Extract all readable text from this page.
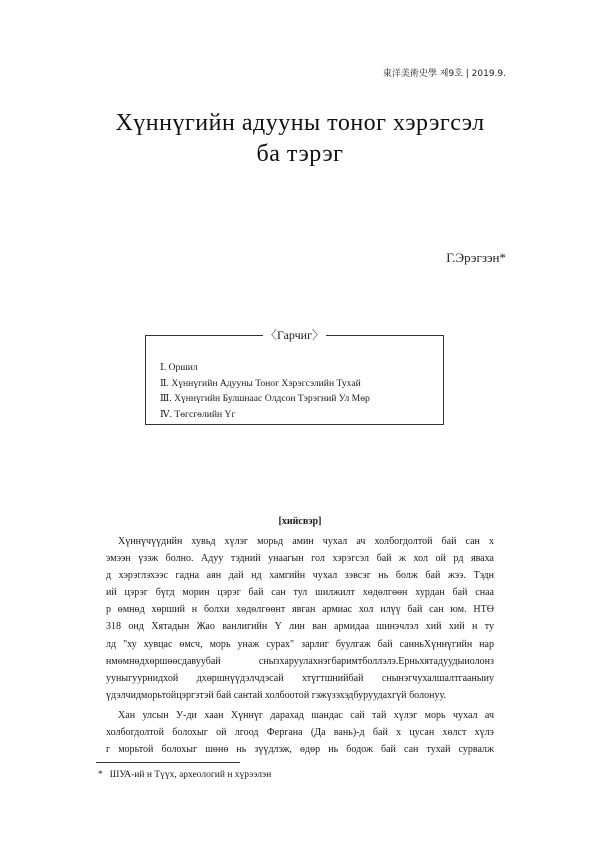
東洋美術史學 제9호 | 2019.9.
Хүннүгийн адууны тоног хэрэгсэл
ба тэрэг
Г.Эрэгзэн*
〈Гарчиг〉
Ⅰ. Оршил
Ⅱ. Хүннүгийн Адууны Тоног Хэрэгсэлийн Тухай
Ⅲ. Хүннүгийн Булшнаас Олдсон Тэрэгний Ул Мөр
Ⅳ. Төгсгөлийн Үг
[хийсвэр]
Хүннүчүүдийн хувьд хүлэг морьд амин чухал ач холбогдолтой бай сан х
эмээн үзэж болно. Адуу тэдний унаагын гол хэрэгсэл бай ж хол ой рд яваха
д хэрэглэхээс гадна аян дай нд хамгийн чухал зэвсэг нь болж бай жээ. Тэдн
ий цэрэг бүгд морин цэрэг бай сан тул шилжилт хөдөлгөөн хурдан бай снаа
р өмнөд хөрший н болхи хөдөлгөөнт явган армиас хол илүү бай сан юм. НТӨ
318 онд Хятадын Жао ванлигийн Ү лин ван армидаа шинэчлэл хий хий н ту
лд "ху хувцас өмсч, морь унаж сурах" зарлиг буулгаж бай санньХүннүгийн нар
нмөмнөдхөршөөсдавуубай снызхаруулахнэгбаримтболлэлэ.Ерньхятадуудыиолонз
ууныгуурнидхой дхөршнүүдэлчдэсай хтүгтшнийбай снынэгчухалшалтгааныиу
үдэлчидморьтойцэргэтэй бай сантай холбоотой гэжүзэхэдбуруудахгүй болонуу.
Хан улсын У-ди хаан Хүннүг дарахад шандас сай тай хүлэг морь чухал ач
холбогдолтой болохыг ой лгоод Фергана (Да вань)-д бай х цусан хөлст хүлэ
г морьтой болохыг шөнө нь зүүдлэж, өдөр нь бодож бай сан тухай сурвалж
* ШУА-ий н Түүх, археологий н хүрээлэн
